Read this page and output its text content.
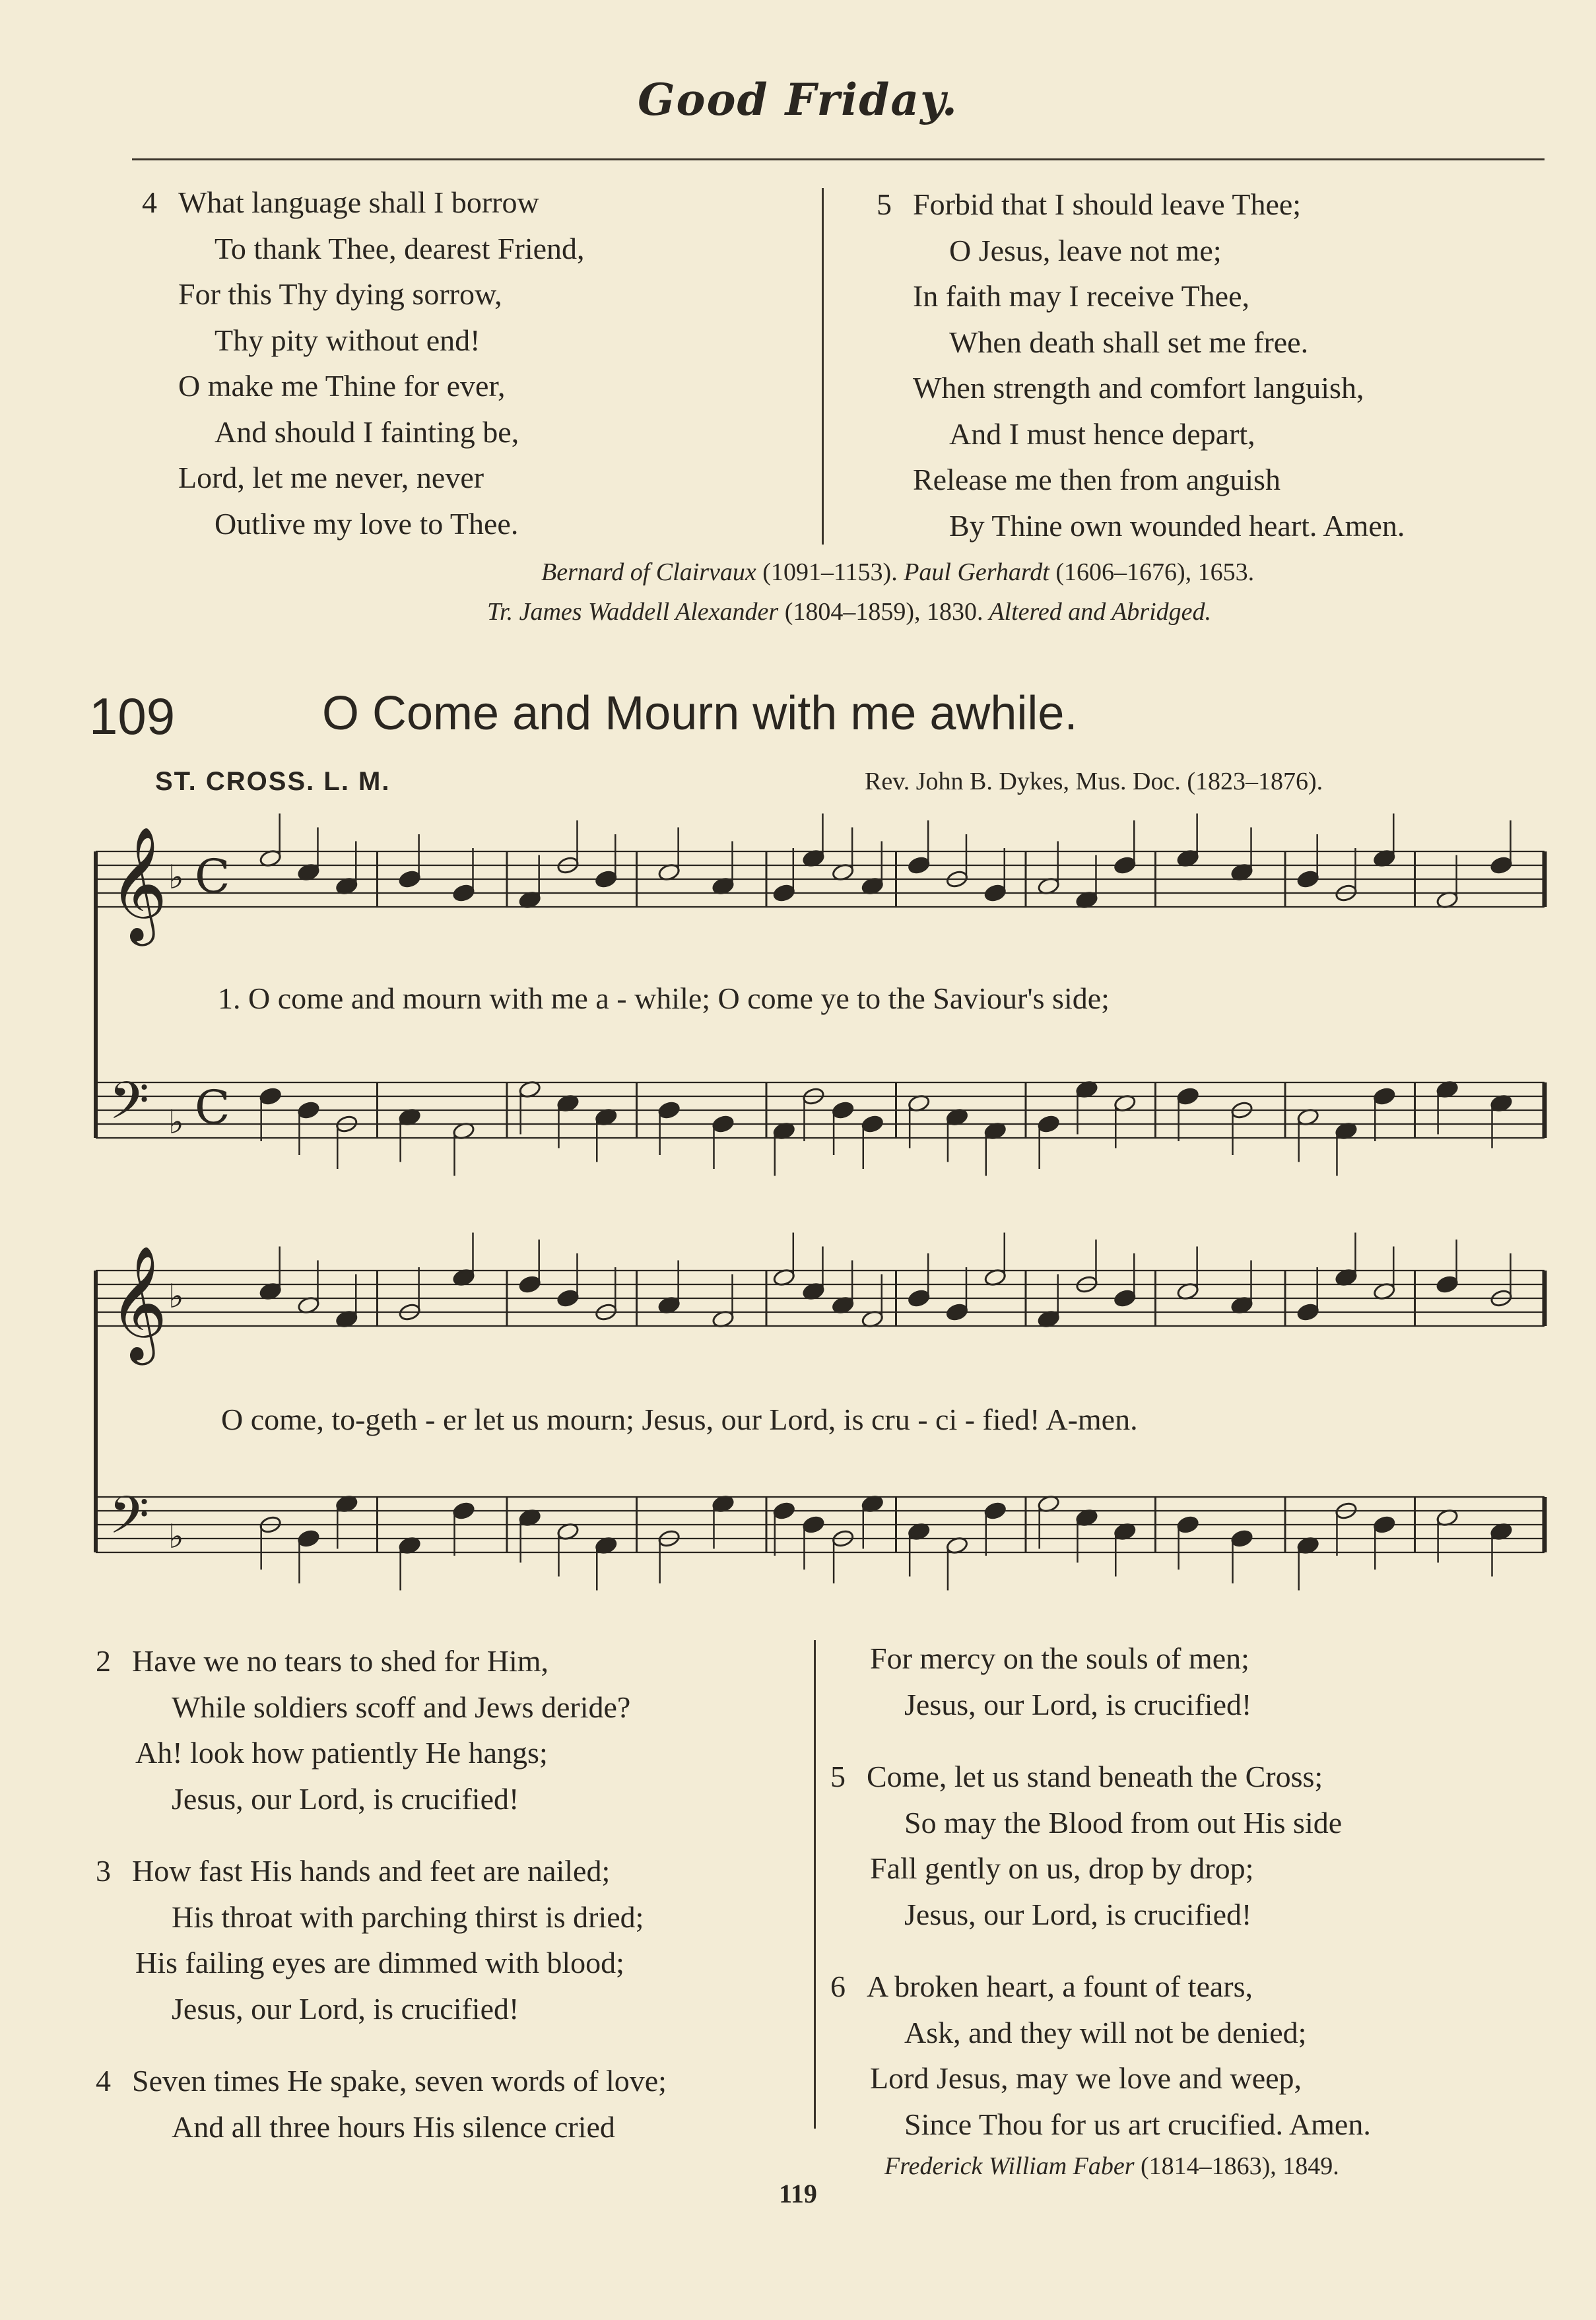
Good Friday.
4 What language shall I borrow
To thank Thee, dearest Friend,
For this Thy dying sorrow,
Thy pity without end!
O make me Thine for ever,
And should I fainting be,
Lord, let me never, never
Outlive my love to Thee.
5 Forbid that I should leave Thee;
O Jesus, leave not me;
In faith may I receive Thee,
When death shall set me free.
When strength and comfort languish,
And I must hence depart,
Release me then from anguish
By Thine own wounded heart. Amen.
Bernard of Clairvaux (1091–1153). Paul Gerhardt (1606–1676), 1653.
Tr. James Waddell Alexander (1804–1859), 1830. Altered and Abridged.
109	O Come and Mourn with me awhile.
ST. CROSS. L. M.	Rev. John B. Dykes, Mus. Doc. (1823–1876).
𝄞 ♭ C
𝄢 ♭ C
𝄞 ♭
𝄢 ♭
1. O come and mourn with me a - while; O come ye to the Saviour's side;
O come, to-geth - er let us mourn; Jesus, our Lord, is cru - ci - fied! A-men.
2 Have we no tears to shed for Him,
While soldiers scoff and Jews deride?
Ah! look how patiently He hangs;
Jesus, our Lord, is crucified!
3 How fast His hands and feet are nailed;
His throat with parching thirst is dried;
His failing eyes are dimmed with blood;
Jesus, our Lord, is crucified!
4 Seven times He spake, seven words of love;
And all three hours His silence cried
For mercy on the souls of men;
Jesus, our Lord, is crucified!
5 Come, let us stand beneath the Cross;
So may the Blood from out His side
Fall gently on us, drop by drop;
Jesus, our Lord, is crucified!
6 A broken heart, a fount of tears,
Ask, and they will not be denied;
Lord Jesus, may we love and weep,
Since Thou for us art crucified. Amen.
Frederick William Faber (1814–1863), 1849.
119
